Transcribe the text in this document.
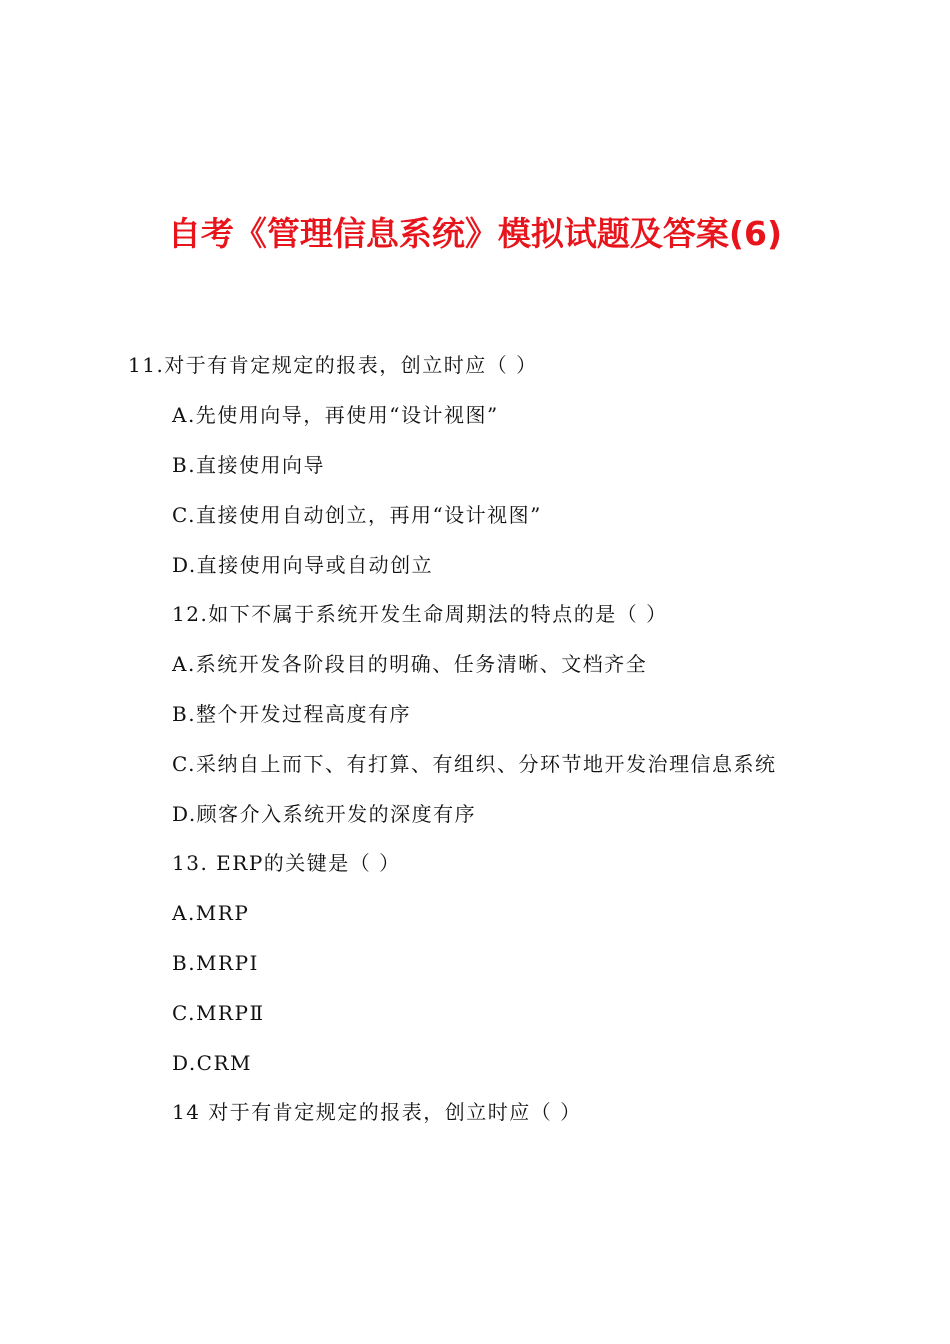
自考《管理信息系统》模拟试题及答案(6)
11.对于有肯定规定的报表，创立时应（ ）
A.先使用向导，再使用“设计视图”
B.直接使用向导
C.直接使用自动创立，再用“设计视图”
D.直接使用向导或自动创立
12.如下不属于系统开发生命周期法的特点的是（ ）
A.系统开发各阶段目的明确、任务清晰、文档齐全
B.整个开发过程高度有序
C.采纳自上而下、有打算、有组织、分环节地开发治理信息系统
D.顾客介入系统开发的深度有序
13. ERP的关键是（ ）
A.MRP
B.MRPI
C.MRPⅡ
D.CRM
14 对于有肯定规定的报表，创立时应（ ）
